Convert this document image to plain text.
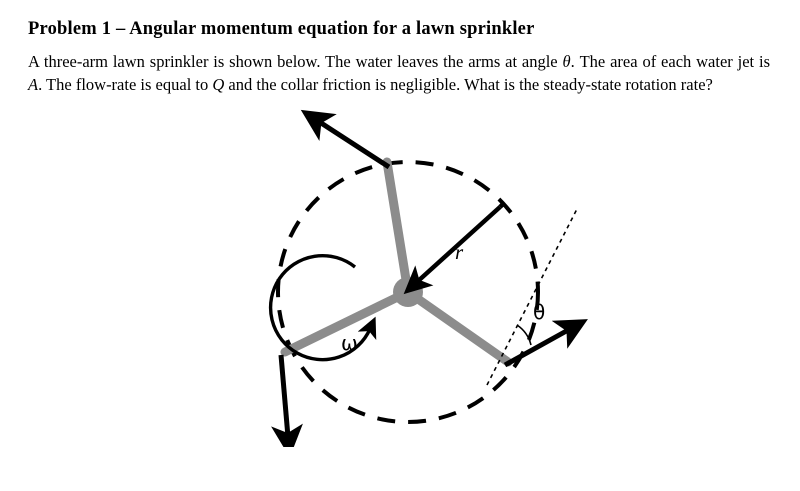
Problem 1 – Angular momentum equation for a lawn sprinkler

A three-arm lawn sprinkler is shown below. The water leaves the arms at angle θ. The area of each water jet is A. The flow-rate is equal to Q and the collar friction is negligible. What is the steady-state rotation rate?

r
ω
θ
